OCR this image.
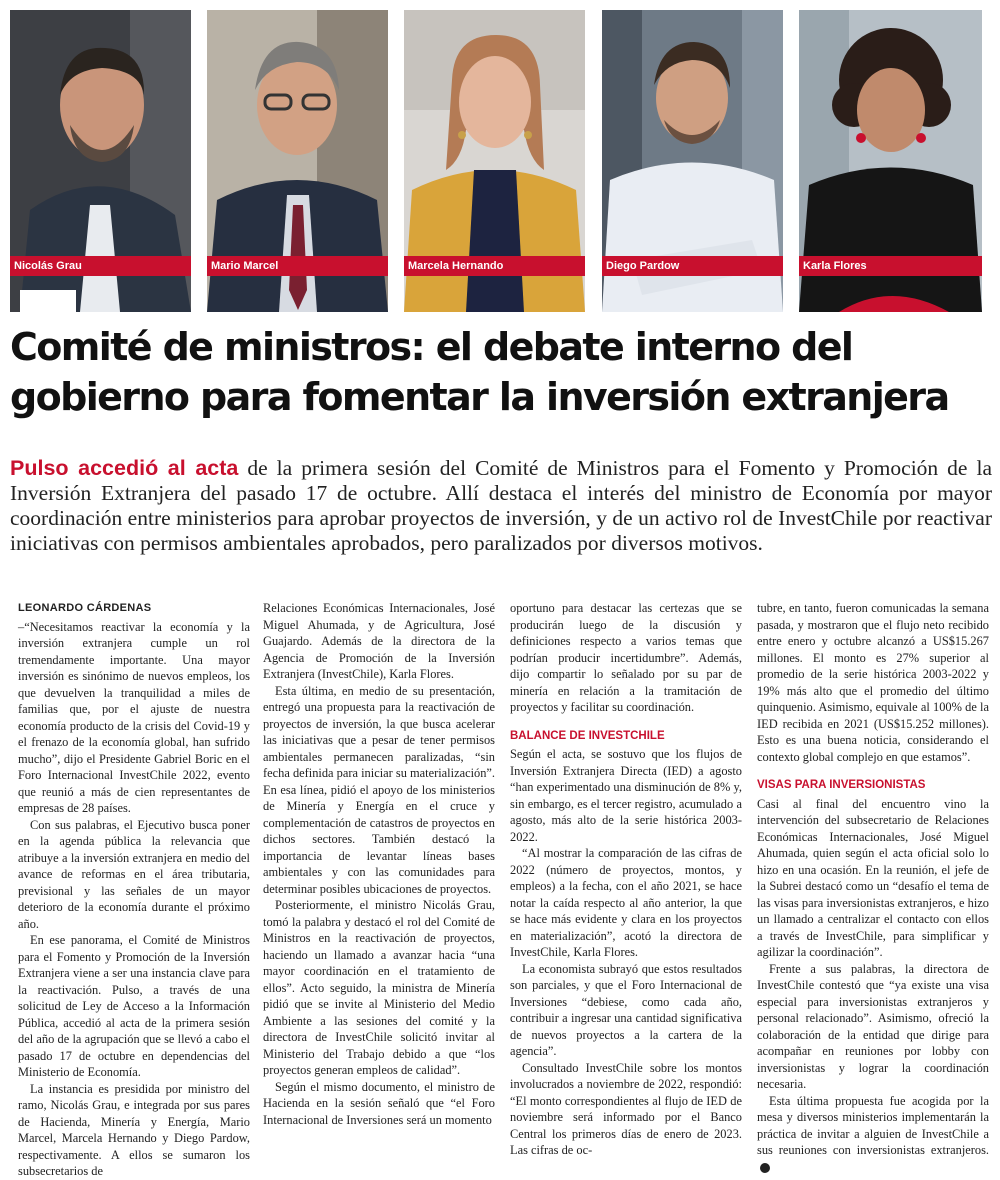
Nicolás Grau	Mario Marcel	Marcela Hernando	Diego Pardow	Karla Flores
Comité de ministros: el debate interno del
gobierno para fomentar la inversión extranjera

Pulso accedió al acta de la primera sesión del Comité de Ministros para el Fomento y Promoción de la Inversión Extranjera del pasado 17 de octubre. Allí destaca el interés del ministro de Economía por mayor coordinación entre ministerios para aprobar proyectos de inversión, y de un activo rol de InvestChile por reactivar iniciativas con permisos ambientales aprobados, pero paralizados por diversos motivos.

LEONARDO CÁRDENAS

–“Necesitamos reactivar la economía y la inversión extranjera cumple un rol tremendamente importante. Una mayor inversión es sinónimo de nuevos empleos, los que devuelven la tranquilidad a miles de familias que, por el ajuste de nuestra economía producto de la crisis del Covid-19 y el frenazo de la economía global, han sufrido mucho”, dijo el Presidente Gabriel Boric en el Foro Internacional InvestChile 2022, evento que reunió a más de cien representantes de empresas de 28 países.

Con sus palabras, el Ejecutivo busca poner en la agenda pública la relevancia que atribuye a la inversión extranjera en medio del avance de reformas en el área tributaria, previsional y las señales de un mayor deterioro de la economía durante el próximo año.

En ese panorama, el Comité de Ministros para el Fomento y Promoción de la Inversión Extranjera viene a ser una instancia clave para la reactivación. Pulso, a través de una solicitud de Ley de Acceso a la Información Pública, accedió al acta de la primera sesión del año de la agrupación que se llevó a cabo el pasado 17 de octubre en dependencias del Ministerio de Economía.

La instancia es presidida por ministro del ramo, Nicolás Grau, e integrada por sus pares de Hacienda, Minería y Energía, Mario Marcel, Marcela Hernando y Diego Pardow, respectivamente. A ellos se sumaron los subsecretarios de

Relaciones Económicas Internacionales, José Miguel Ahumada, y de Agricultura, José Guajardo. Además de la directora de la Agencia de Promoción de la Inversión Extranjera (InvestChile), Karla Flores.

Esta última, en medio de su presentación, entregó una propuesta para la reactivación de proyectos de inversión, la que busca acelerar las iniciativas que a pesar de tener permisos ambientales permanecen paralizadas, “sin fecha definida para iniciar su materialización”. En esa línea, pidió el apoyo de los ministerios de Minería y Energía en el cruce y complementación de catastros de proyectos en dichos sectores. También destacó la importancia de levantar líneas bases ambientales y con las comunidades para determinar posibles ubicaciones de proyectos.

Posteriormente, el ministro Nicolás Grau, tomó la palabra y destacó el rol del Comité de Ministros en la reactivación de proyectos, haciendo un llamado a avanzar hacia “una mayor coordinación en el tratamiento de ellos”. Acto seguido, la ministra de Minería pidió que se invite al Ministerio del Medio Ambiente a las sesiones del comité y la directora de InvestChile solicitó invitar al Ministerio del Trabajo debido a que “los proyectos generan empleos de calidad”.

Según el mismo documento, el ministro de Hacienda en la sesión señaló que “el Foro Internacional de Inversiones será un momento

oportuno para destacar las certezas que se producirán luego de la discusión y definiciones respecto a varios temas que podrían producir incertidumbre”. Además, dijo compartir lo señalado por su par de minería en relación a la tramitación de proyectos y facilitar su coordinación.

BALANCE DE INVESTCHILE

Según el acta, se sostuvo que los flujos de Inversión Extranjera Directa (IED) a agosto “han experimentado una disminución de 8% y, sin embargo, es el tercer registro, acumulado a agosto, más alto de la serie histórica 2003-2022.

“Al mostrar la comparación de las cifras de 2022 (número de proyectos, montos, y empleos) a la fecha, con el año 2021, se hace notar la caída respecto al año anterior, la que se hace más evidente y clara en los proyectos en materialización”, acotó la directora de InvestChile, Karla Flores.

La economista subrayó que estos resultados son parciales, y que el Foro Internacional de Inversiones “debiese, como cada año, contribuir a ingresar una cantidad significativa de nuevos proyectos a la cartera de la agencia”.

Consultado InvestChile sobre los montos involucrados a noviembre de 2022, respondió: “El monto correspondientes al flujo de IED de noviembre será informado por el Banco Central los primeros días de enero de 2023. Las cifras de oc-

tubre, en tanto, fueron comunicadas la semana pasada, y mostraron que el flujo neto recibido entre enero y octubre alcanzó a US$15.267 millones. El monto es 27% superior al promedio de la serie histórica 2003-2022 y 19% más alto que el promedio del último quinquenio. Asimismo, equivale al 100% de la IED recibida en 2021 (US$15.252 millones). Esto es una buena noticia, considerando el contexto global complejo en que estamos”.

VISAS PARA INVERSIONISTAS

Casi al final del encuentro vino la intervención del subsecretario de Relaciones Económicas Internacionales, José Miguel Ahumada, quien según el acta oficial solo lo hizo en una ocasión. En la reunión, el jefe de la Subrei destacó como un “desafío el tema de las visas para inversionistas extranjeros, e hizo un llamado a centralizar el contacto con ellos a través de InvestChile, para simplificar y agilizar la coordinación”.

Frente a sus palabras, la directora de InvestChile contestó que “ya existe una visa especial para inversionistas extranjeros y personal relacionado”. Asimismo, ofreció la colaboración de la entidad que dirige para acompañar en reuniones por lobby con inversionistas y lograr la coordinación necesaria.

Esta última propuesta fue acogida por la mesa y diversos ministerios implementarán la práctica de invitar a alguien de InvestChile a sus reuniones con inversionistas extranjeros.
